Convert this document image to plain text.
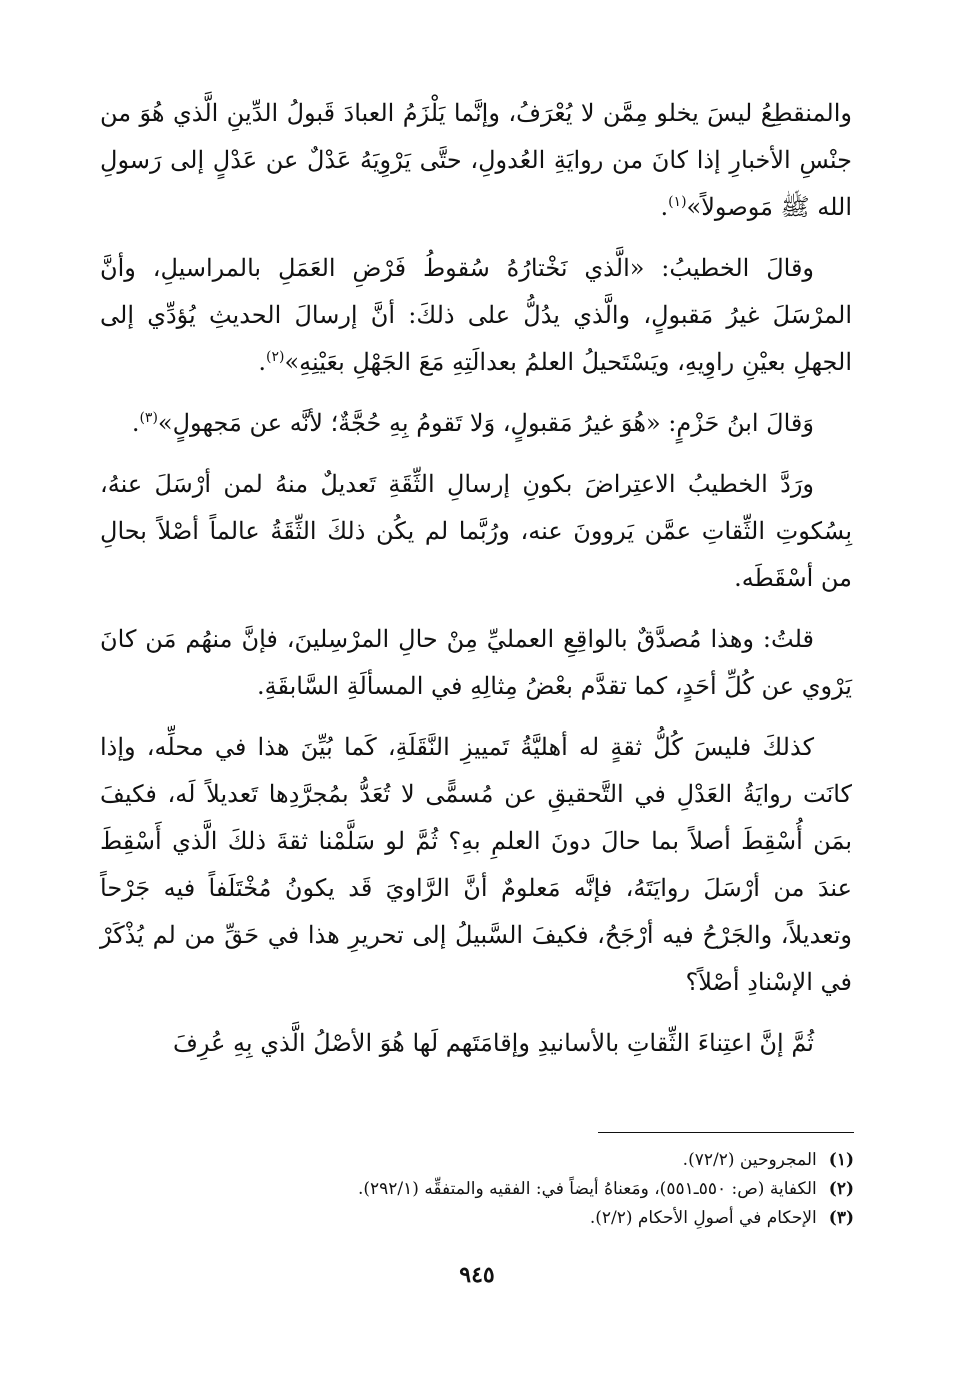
والمنقطِعُ ليسَ يخلو مِمَّن لا يُعْرَفُ، وإنَّما يَلْزَمُ العبادَ قَبولُ الدِّينِ الَّذي هُوَ من جنْسِ الأخبارِ إذا كانَ من روايَةِ العُدولِ، حتَّى يَرْوِيَهُ عَدْلٌ عن عَدْلٍ إلى رَسولِ الله ﷺ مَوصولاً»$^{(١)}$.

وقالَ الخطيبُ: «الَّذي نَخْتارُهُ سُقوطُ فَرْضِ العَمَلِ بالمراسيلِ، وأنَّ المرْسَلَ غيرُ مَقبولٍ، والَّذي يدُلُّ على ذلكَ: أنَّ إرسالَ الحديثِ يُؤدِّي إلى الجهلِ بعيْنِ راوِيهِ، ويَسْتَحيلُ العلمُ بعدالَتِهِ مَعَ الجَهْلِ بعَيْنِهِ»$^{(٢)}$.

وَقالَ ابنُ حَزْمٍ: «هُوَ غيرُ مَقبولٍ، وَلا تَقومُ بِهِ حُجَّةٌ؛ لأنَّه عن مَجهولٍ»$^{(٣)}$.

ورَدَّ الخطيبُ الاعتِراضَ بكونِ إرسالِ الثِّقَةِ تَعديلٌ منهُ لمن أرْسَلَ عنهُ، بِسُكوتِ الثِّقاتِ عمَّن يَروونَ عنه، ورُبَّما لم يكُن ذلكَ الثِّقَةُ عالماً أصْلاً بحالِ من أسْقَطَه.

قلتُ: وهذا مُصدَّقٌ بالواقِعِ العمليِّ مِنْ حالِ المرْسِلينَ، فإنَّ منهُم مَن كانَ يَرْوي عن كُلِّ أحَدٍ، كما تقدَّم بعْضُ مِثالِهِ في المسألَةِ السَّابقَةِ.

كذلكَ فليسَ كُلُّ ثقةٍ له أهليَّةُ تَمييزِ النَّقَلَةِ، كَما بُيِّنَ هذا في محلِّه، وإذا كانَت روايَةُ العَدْلِ في التَّحقيقِ عن مُسمًّى لا تُعَدُّ بمُجرَّدِها تَعديلاً لَه، فكيفَ بمَن أُسْقِطَ أصلاً بما حالَ دونَ العلمِ بهِ؟ ثُمَّ لو سَلَّمْنا ثقةَ ذلكَ الَّذي أَسْقِطَ عندَ من أرْسَلَ روايَتَهُ، فإنَّه مَعلومٌ أنَّ الرَّاويَ قَد يكونُ مُخْتَلَفاً فيه جَرْحاً وتعديلاً، والجَرْحُ فيه أرْجَحُ، فكيفَ السَّبيلُ إلى تحريرِ هذا في حَقِّ من لم يُذْكَرْ في الإسْنادِ أصْلاً؟

ثُمَّ إنَّ اعتِناءَ الثِّقاتِ بالأسانيدِ وإقامَتَهم لَها هُوَ الأصْلُ الَّذي بِهِ عُرِفَ

(١)المجروحين (٧٢/٢).

(٢)الكفاية (ص: ٥٥٠ـ٥٥١)، ومَعناهُ أيضاً في: الفقيه والمتفقِّه (٢٩٢/١).

(٣)الإحكام في أصولِ الأحكام (٢/٢).

٩٤٥
